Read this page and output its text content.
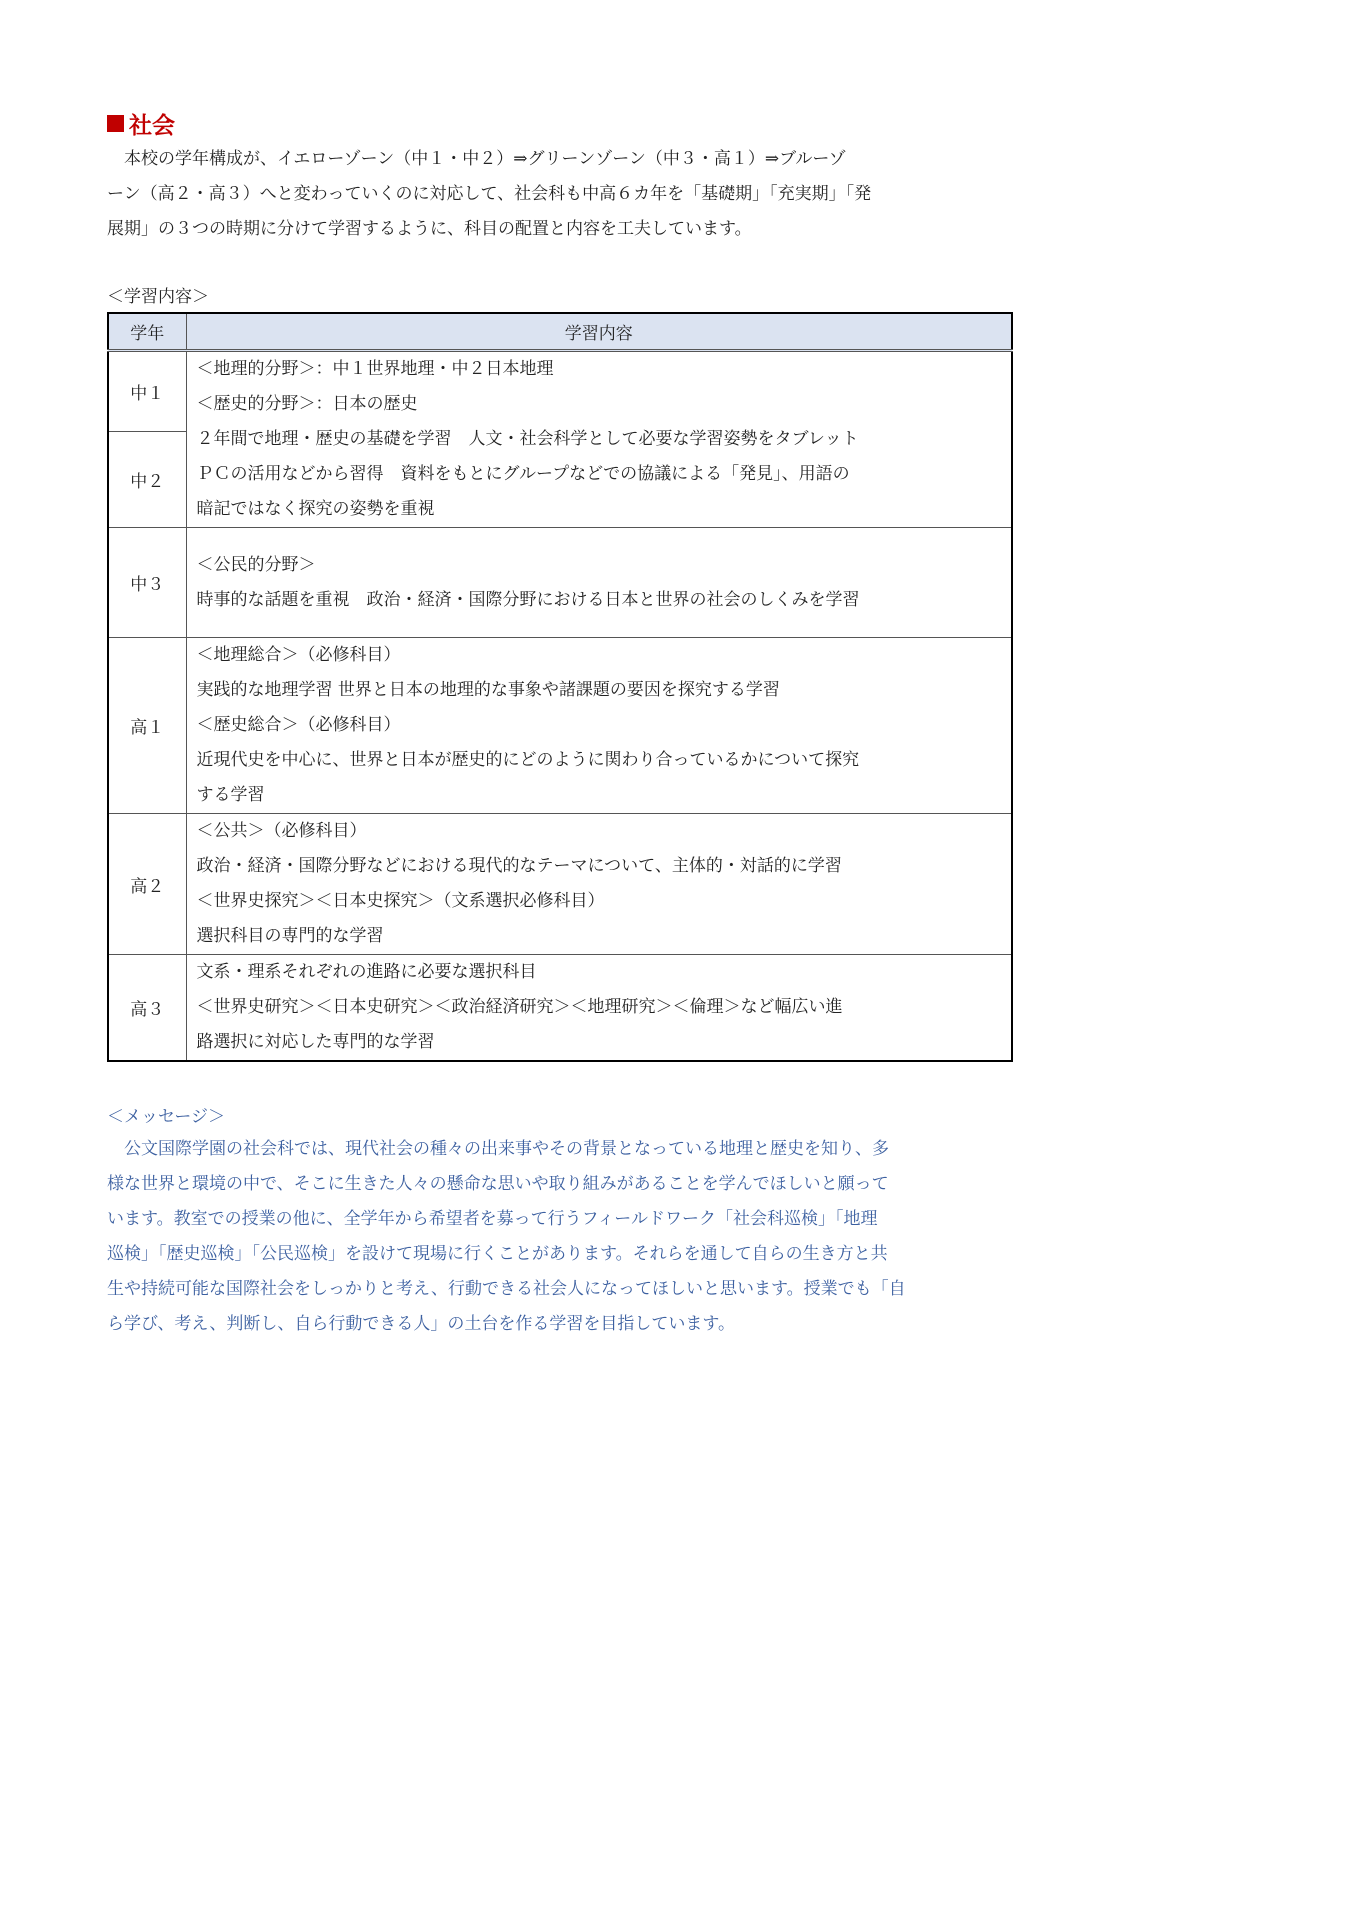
社会
本校の学年構成が、イエローゾーン（中１・中２）⇒グリーンゾーン（中３・高１）⇒ブルーゾ
ーン（高２・高３）へと変わっていくのに対応して、社会科も中高６カ年を「基礎期」「充実期」「発
展期」の３つの時期に分けて学習するように、科目の配置と内容を工夫しています。
＜学習内容＞
学年	学習内容
中１	＜地理的分野＞：中１世界地理・中２日本地理
＜歴史的分野＞：日本の歴史
２年間で地理・歴史の基礎を学習　人文・社会科学として必要な学習姿勢をタブレット
ＰＣの活用などから習得　資料をもとにグループなどでの協議による「発見」、用語の
暗記ではなく探究の姿勢を重視

中２	
中３	＜公民的分野＞
時事的な話題を重視　政治・経済・国際分野における日本と世界の社会のしくみを学習

高１	＜地理総合＞（必修科目）
実践的な地理学習 世界と日本の地理的な事象や諸課題の要因を探究する学習
＜歴史総合＞（必修科目）
近現代史を中心に、世界と日本が歴史的にどのように関わり合っているかについて探究
する学習

高２	＜公共＞（必修科目）
政治・経済・国際分野などにおける現代的なテーマについて、主体的・対話的に学習
＜世界史探究＞＜日本史探究＞（文系選択必修科目）
選択科目の専門的な学習

高３	文系・理系それぞれの進路に必要な選択科目
＜世界史研究＞＜日本史研究＞＜政治経済研究＞＜地理研究＞＜倫理＞など幅広い進
路選択に対応した専門的な学習
＜メッセージ＞
公文国際学園の社会科では、現代社会の種々の出来事やその背景となっている地理と歴史を知り、多
様な世界と環境の中で、そこに生きた人々の懸命な思いや取り組みがあることを学んでほしいと願って
います。教室での授業の他に、全学年から希望者を募って行うフィールドワーク「社会科巡検」「地理
巡検」「歴史巡検」「公民巡検」を設けて現場に行くことがあります。それらを通して自らの生き方と共
生や持続可能な国際社会をしっかりと考え、行動できる社会人になってほしいと思います。授業でも「自
ら学び、考え、判断し、自ら行動できる人」の土台を作る学習を目指しています。
